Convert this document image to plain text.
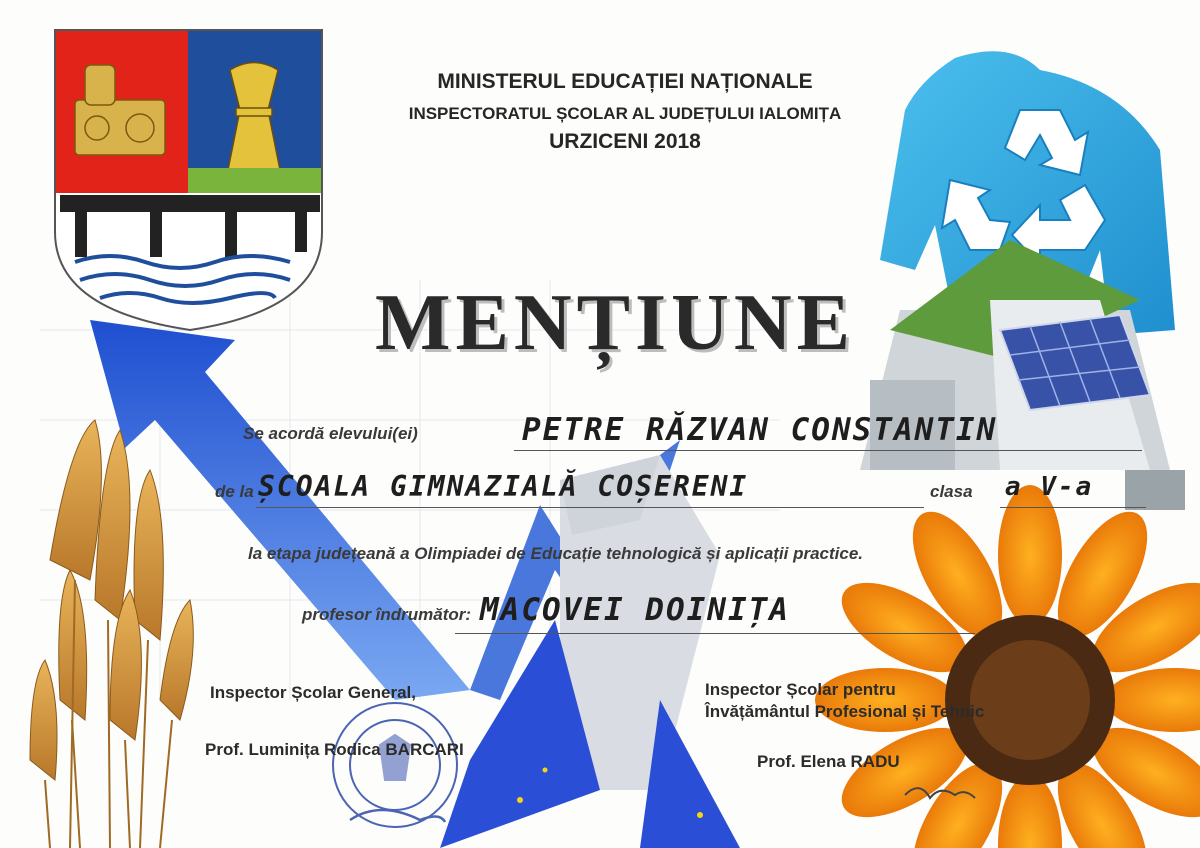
MINISTERUL EDUCAȚIEI NAȚIONALE
INSPECTORATUL ȘCOLAR AL JUDEȚULUI IALOMIȚA
URZICENI 2018
MENȚIUNE
Se acordă elevului(ei)	PETRE RĂZVAN CONSTANTIN
de la ȘCOALA GIMNAZIALĂ COȘERENI	clasa a V-a
la etapa județeană a Olimpiadei de Educație tehnologică și aplicații practice.
profesor îndrumător: MACOVEI DOINIȚA
Inspector Școlar General,
Prof. Luminița Rodica BARCARI
Inspector Școlar pentru
Învățământul Profesional și Tehnic
Prof. Elena RADU
